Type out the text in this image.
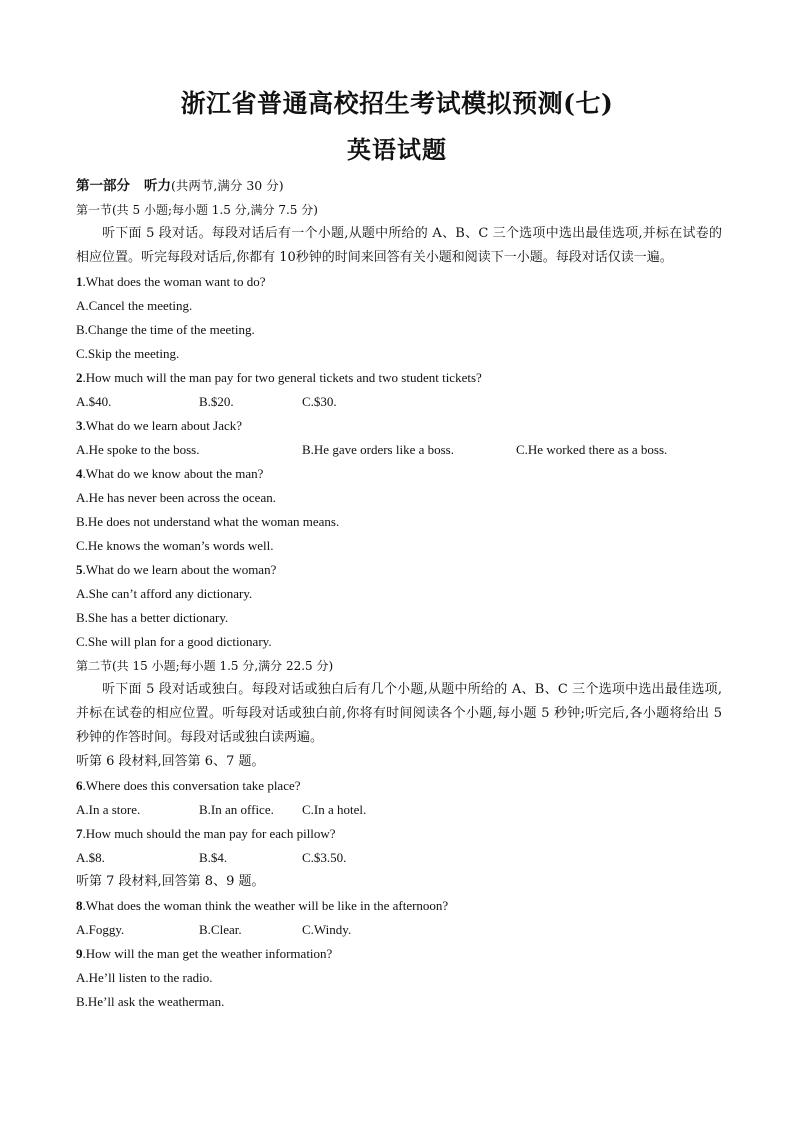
浙江省普通高校招生考试模拟预测(七)
英语试题
第一部分 听力(共两节,满分 30 分)
第一节(共 5 小题;每小题 1.5 分,满分 7.5 分)
听下面 5 段对话。每段对话后有一个小题,从题中所给的 A、B、C 三个选项中选出最佳选项,并标在试卷的相应位置。听完每段对话后,你都有 10秒钟的时间来回答有关小题和阅读下一小题。每段对话仅读一遍。
1.What does the woman want to do?
A.Cancel the meeting.
B.Change the time of the meeting.
C.Skip the meeting.
2.How much will the man pay for two general tickets and two student tickets?
A.$40.	B.$20.	C.$30.
3.What do we learn about Jack?
A.He spoke to the boss.	B.He gave orders like a boss.	C.He worked there as a boss.
4.What do we know about the man?
A.He has never been across the ocean.
B.He does not understand what the woman means.
C.He knows the woman’s words well.
5.What do we learn about the woman?
A.She can’t afford any dictionary.
B.She has a better dictionary.
C.She will plan for a good dictionary.
第二节(共 15 小题;每小题 1.5 分,满分 22.5 分)
听下面 5 段对话或独白。每段对话或独白后有几个小题,从题中所给的 A、B、C 三个选项中选出最佳选项,并标在试卷的相应位置。听每段对话或独白前,你将有时间阅读各个小题,每小题 5 秒钟;听完后,各小题将给出 5 秒钟的作答时间。每段对话或独白读两遍。
听第 6 段材料,回答第 6、7 题。
6.Where does this conversation take place?
A.In a store.	B.In an office.	C.In a hotel.
7.How much should the man pay for each pillow?
A.$8.	B.$4.	C.$3.50.
听第 7 段材料,回答第 8、9 题。
8.What does the woman think the weather will be like in the afternoon?
A.Foggy.	B.Clear.	C.Windy.
9.How will the man get the weather information?
A.He’ll listen to the radio.
B.He’ll ask the weatherman.
